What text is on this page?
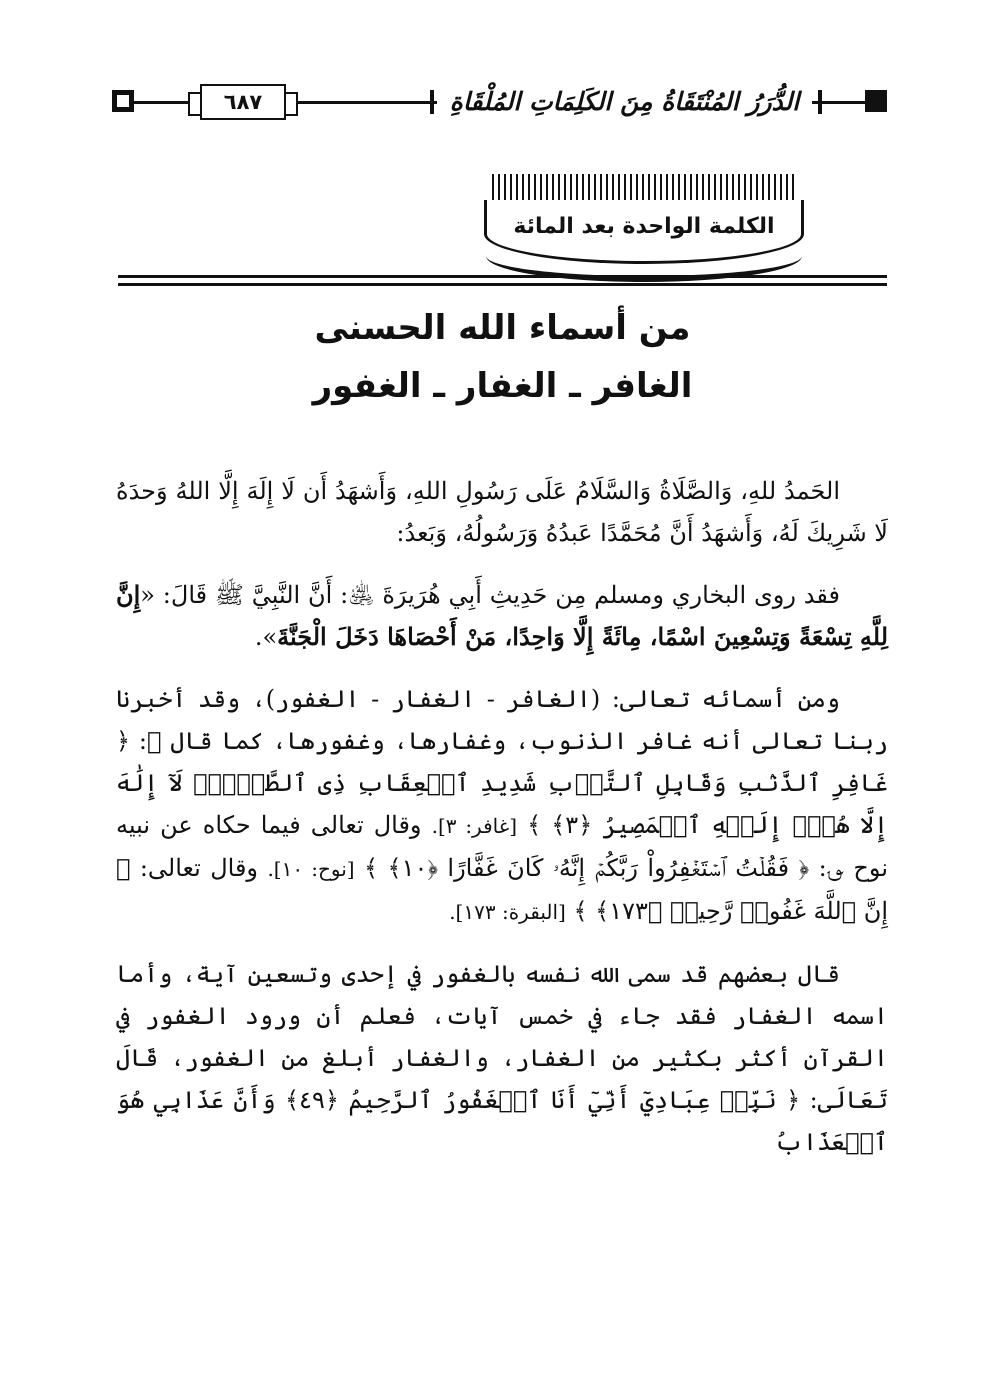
٦٨٧	الدُّرَرُ المُنْتَقَاةُ مِنَ الكَلِمَاتِ المُلْقَاةِ
الكلمة الواحدة بعد المائة
من أسماء الله الحسنى
الغافر ـ الغفار ـ الغفور

الحَمدُ للهِ، وَالصَّلَاةُ وَالسَّلَامُ عَلَى رَسُولِ اللهِ، وَأَشهَدُ أَن لَا إِلَهَ إِلَّا اللهُ وَحدَهُ لَا شَرِيكَ لَهُ، وَأَشهَدُ أَنَّ مُحَمَّدًا عَبدُهُ وَرَسُولُهُ، وَبَعدُ:

فقد روى البخاري ومسلم مِن حَدِيثِ أَبِي هُرَيرَةَ ﵁: أَنَّ النَّبِيَّ ﷺ قَالَ: «إِنَّ لِلَّهِ تِسْعَةً وَتِسْعِينَ اسْمًا، مِائَةً إِلَّا وَاحِدًا، مَنْ أَحْصَاهَا دَخَلَ الْجَنَّةَ».

ومن أسمائه تعالى: (الغافر - الغفار - الغفور)، وقد أخبرنا ربنا تعالى أنه غافر الذنوب، وغفارها، وغفورها، كما قال ﷻ: ﴿ غَافِرِ ٱلذَّنۢبِ وَقَابِلِ ٱلتَّوۡبِ شَدِيدِ ٱلۡعِقَابِ ذِى ٱلطَّوۡلِۖ لَآ إِلَٰهَ إِلَّا هُوَۖ إِلَيۡهِ ٱلۡمَصِيرُ ﴿٣﴾ ﴾ [غافر: ٣]. وقال تعالى فيما حكاه عن نبيه نوح ؈: ﴿ فَقُلۡتُ ٱسۡتَغۡفِرُواْ رَبَّكُمۡ إِنَّهُۥ كَانَ غَفَّارًا ﴿١٠﴾ ﴾ [نوح: ١٠]. وقال تعالى: ﴿ إِنَّ ٱللَّهَ غَفُورٞ رَّحِيمٞ ﴿١٧٣﴾ ﴾ [البقرة: ١٧٣].

قال بعضهم قد سمى الله نفسه بالغفور في إحدى وتسعين آية، وأما اسمه الغفار فقد جاء في خمس آيات، فعلم أن ورود الغفور في القرآن أكثر بكثير من الغفار، والغفار أبلغ من الغفور، قَالَ تَعَالَى: ﴿ نَبِّئۡ عِبَادِيٓ أَنِّيٓ أَنَا ٱلۡغَفُورُ ٱلرَّحِيمُ ﴿٤٩﴾ وَأَنَّ عَذَابِي هُوَ ٱلۡعَذَابُ
